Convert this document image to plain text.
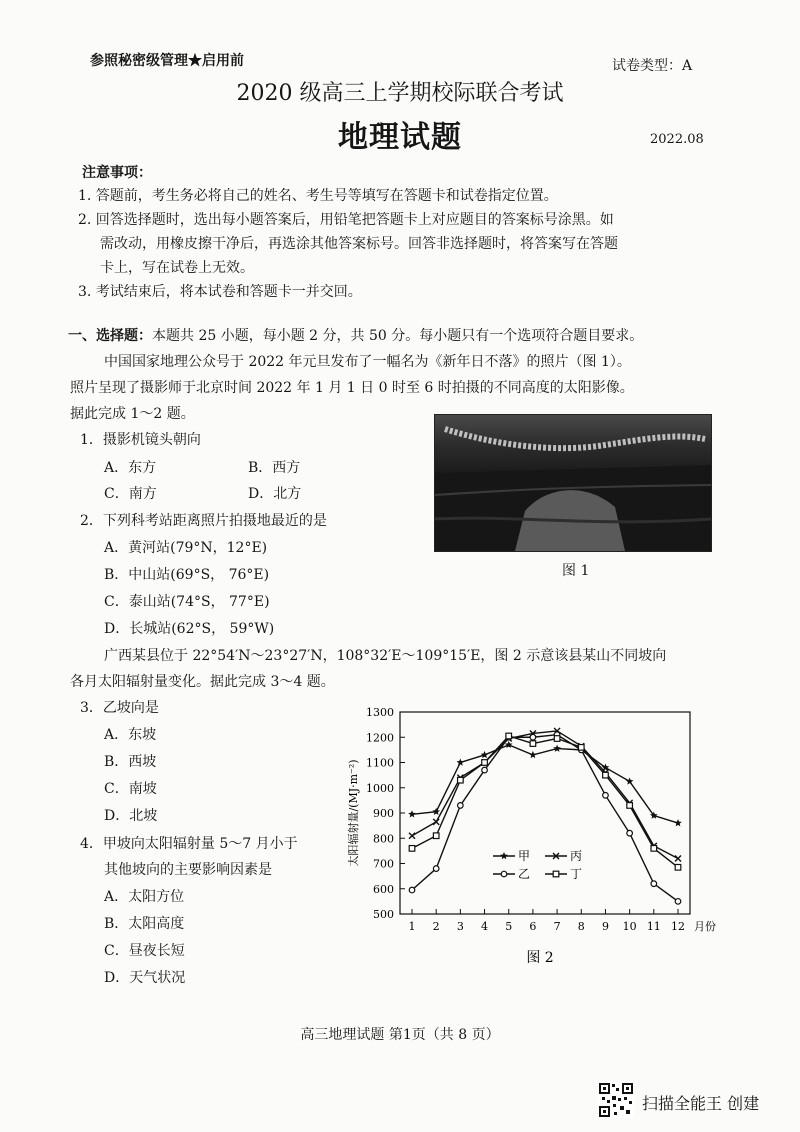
参照秘密级管理★启用前	试卷类型：A
2020 级高三上学期校际联合考试
地理试题	2022.08
注意事项：
1. 答题前，考生务必将自己的姓名、考生号等填写在答题卡和试卷指定位置。
2. 回答选择题时，选出每小题答案后，用铅笔把答题卡上对应题目的答案标号涂黑。如
需改动，用橡皮擦干净后，再选涂其他答案标号。回答非选择题时，将答案写在答题
卡上，写在试卷上无效。
3. 考试结束后，将本试卷和答题卡一并交回。
一、选择题：本题共 25 小题，每小题 2 分，共 50 分。每小题只有一个选项符合题目要求。
中国国家地理公众号于 2022 年元旦发布了一幅名为《新年日不落》的照片（图 1）。
照片呈现了摄影师于北京时间 2022 年 1 月 1 日 0 时至 6 时拍摄的不同高度的太阳影像。
据此完成 1～2 题。
1．摄影机镜头朝向
A．东方	B．西方
C．南方	D．北方
2．下列科考站距离照片拍摄地最近的是
A．黄河站(79°N，12°E)
B．中山站(69°S， 76°E)
C．泰山站(74°S， 77°E)
D．长城站(62°S， 59°W)
图 1
广西某县位于 22°54′N～23°27′N，108°32′E～109°15′E，图 2 示意该县某山不同坡向
各月太阳辐射量变化。据此完成 3～4 题。
3．乙坡向是
A．东坡
B．西坡
C．南坡
D．北坡
4．甲坡向太阳辐射量 5～7 月小于
其他坡向的主要影响因素是
A．太阳方位
B．太阳高度
C．昼夜长短
D．天气状况
500
600
700
800
900
1000
1100
1200
1300
1 2 3 4 5 6 7 8 9 10 11 12 月份
甲	丙
乙	丁
太阳辐射量/(MJ·m⁻²)
图 2
高三地理试题 第1页（共 8 页）
扫描全能王 创建
